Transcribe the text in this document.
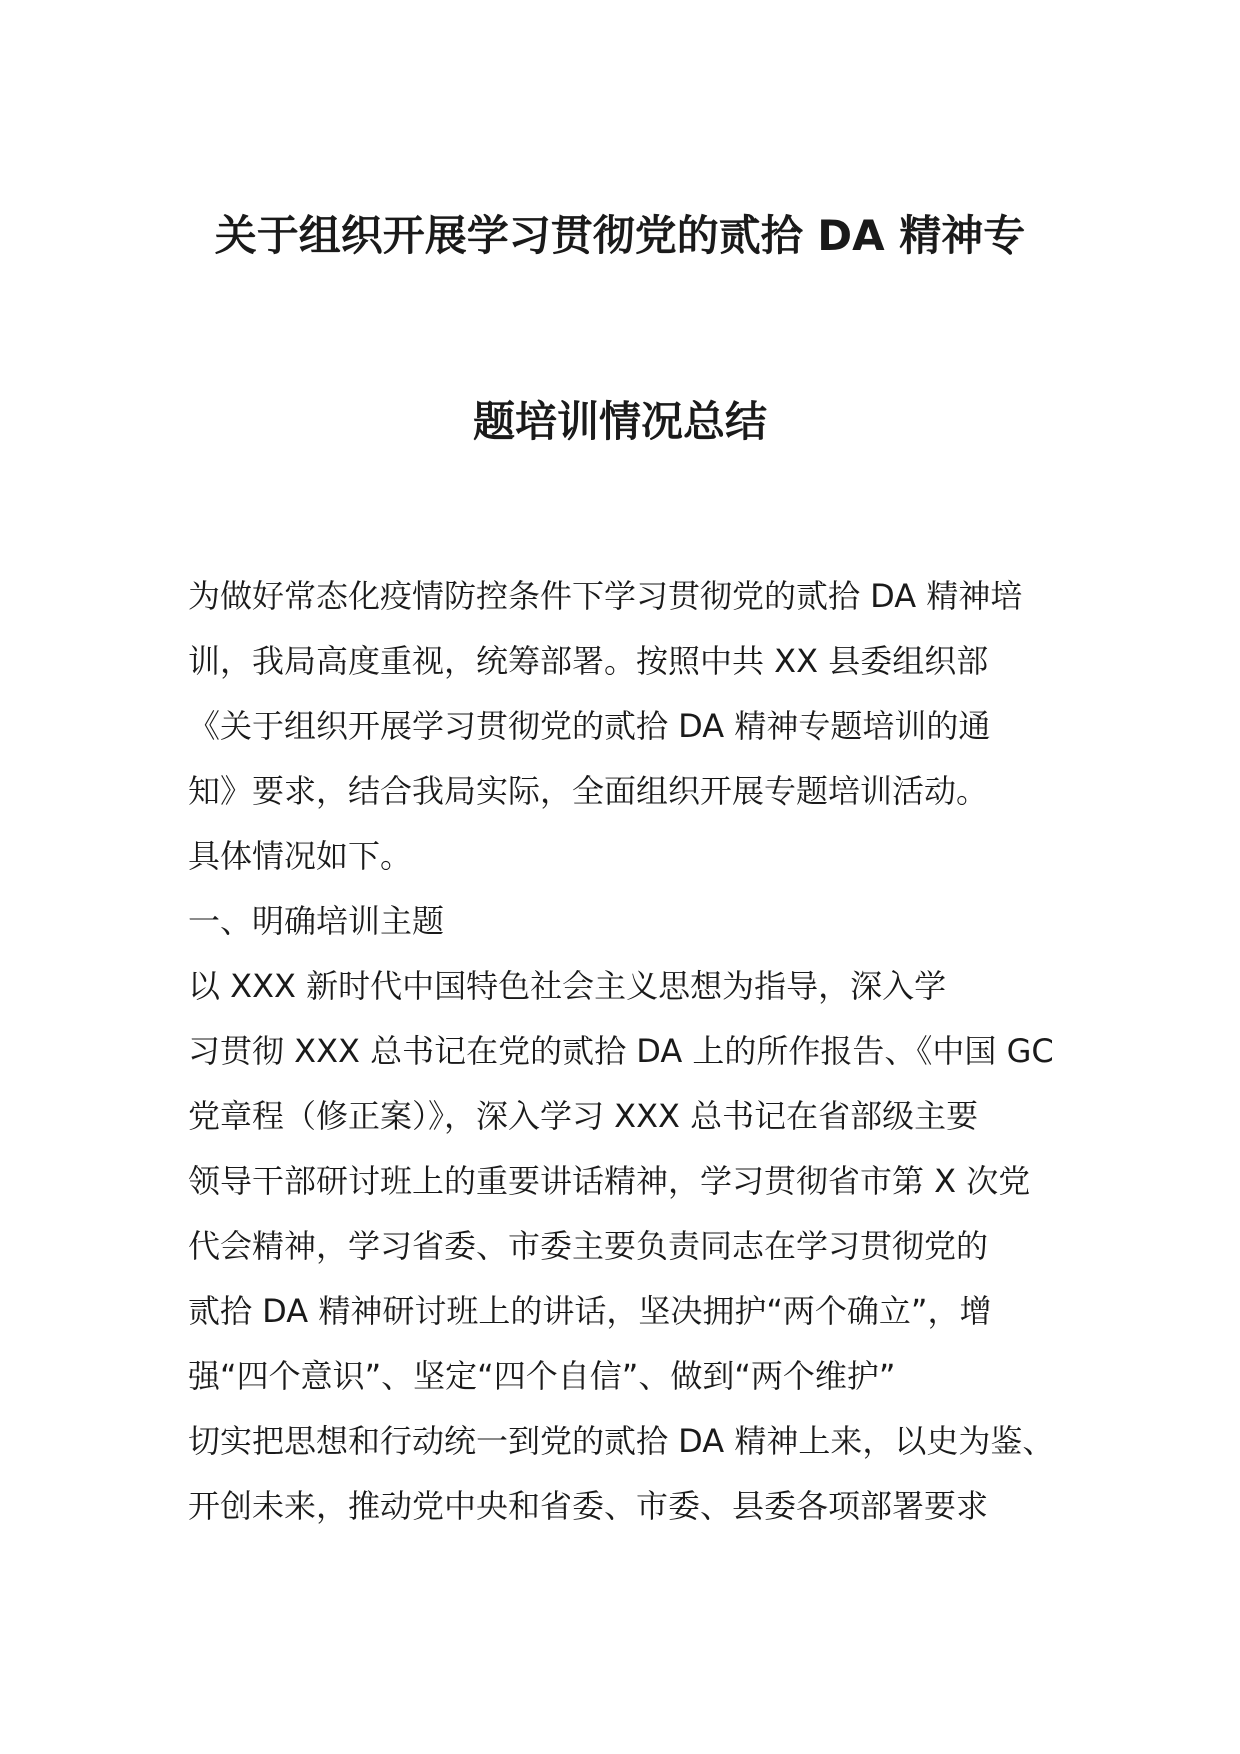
关于组织开展学习贯彻党的贰拾 DA 精神专
题培训情况总结
为做好常态化疫情防控条件下学习贯彻党的贰拾 DA 精神培
训，我局高度重视，统筹部署。按照中共 XX 县委组织部
《关于组织开展学习贯彻党的贰拾 DA 精神专题培训的通
知》要求，结合我局实际，全面组织开展专题培训活动。
具体情况如下。
一、明确培训主题
以 XXX 新时代中国特色社会主义思想为指导，深入学
习贯彻 XXX 总书记在党的贰拾 DA 上的所作报告、《中国 GC
党章程（修正案）》，深入学习 XXX 总书记在省部级主要
领导干部研讨班上的重要讲话精神，学习贯彻省市第 X 次党
代会精神，学习省委、市委主要负责同志在学习贯彻党的
贰拾 DA 精神研讨班上的讲话，坚决拥护“两个确立”，增
强“四个意识”、坚定“四个自信”、做到“两个维护”
切实把思想和行动统一到党的贰拾 DA 精神上来，以史为鉴、
开创未来，推动党中央和省委、市委、县委各项部署要求
